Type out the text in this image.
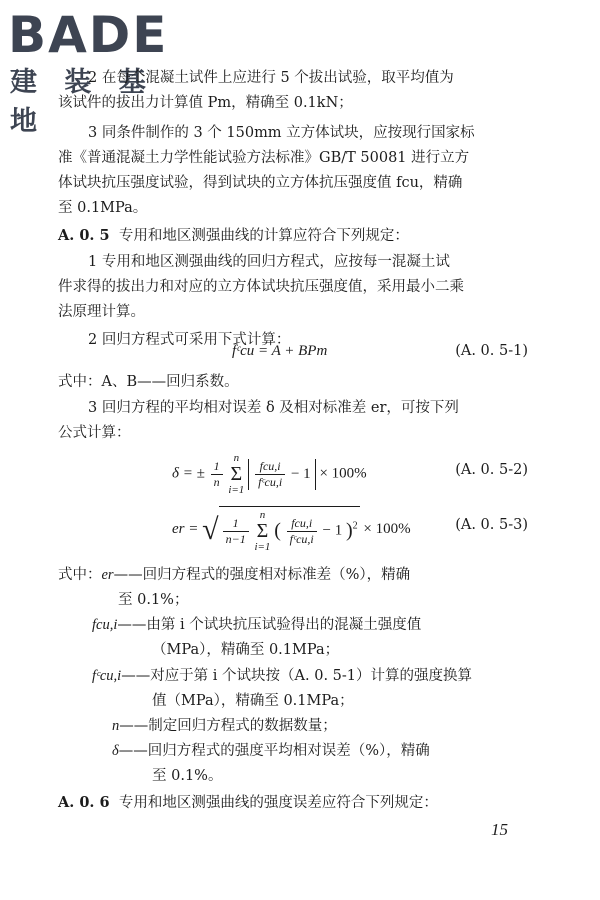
BADE
建 装 基 地
2 在每个混凝土试件上应进行 5 个拔出试验，取平均值为
该试件的拔出力计算值 Pm，精确至 0.1kN；
3 同条件制作的 3 个 150mm 立方体试块，应按现行国家标
准《普通混凝土力学性能试验方法标准》GB/T 50081 进行立方
体试块抗压强度试验，得到试块的立方体抗压强度值 fcu，精确
至 0.1MPa。
A. 0. 5 专用和地区测强曲线的计算应符合下列规定：
1 专用和地区测强曲线的回归方程式，应按每一混凝土试
件求得的拔出力和对应的立方体试块抗压强度值，采用最小二乘
法原理计算。
2 回归方程式可采用下式计算：
fᶜcu = A + BPm	(A. 0. 5-1)
式中：A、B——回归系数。
3 回归方程的平均相对误差 δ 及相对标准差 er，可按下列
公式计算：
δ = ± $\frac{1}{n}$

n
Σ
i=1

$\frac{\text{fcu,i}}{\text{fᶜcu,i}} - 1 \times 100\%$	(A. 0. 5-2)
er = √ $\frac{1}{n-1}$

n
Σ
i=1
( $\frac{\text{fcu,i}}{\text{fᶜcu,i}} - 1$ )$^2$ × 100%	(A. 0. 5-3)
式中：er——回归方程式的强度相对标准差（%），精确
至 0.1%；
fcu,i——由第 i 个试块抗压试验得出的混凝土强度值
（MPa），精确至 0.1MPa；
fᶜcu,i——对应于第 i 个试块按（A. 0. 5-1）计算的强度换算
值（MPa），精确至 0.1MPa；
n——制定回归方程式的数据数量；
δ——回归方程式的强度平均相对误差（%），精确
至 0.1%。
A. 0. 6 专用和地区测强曲线的强度误差应符合下列规定：
15
